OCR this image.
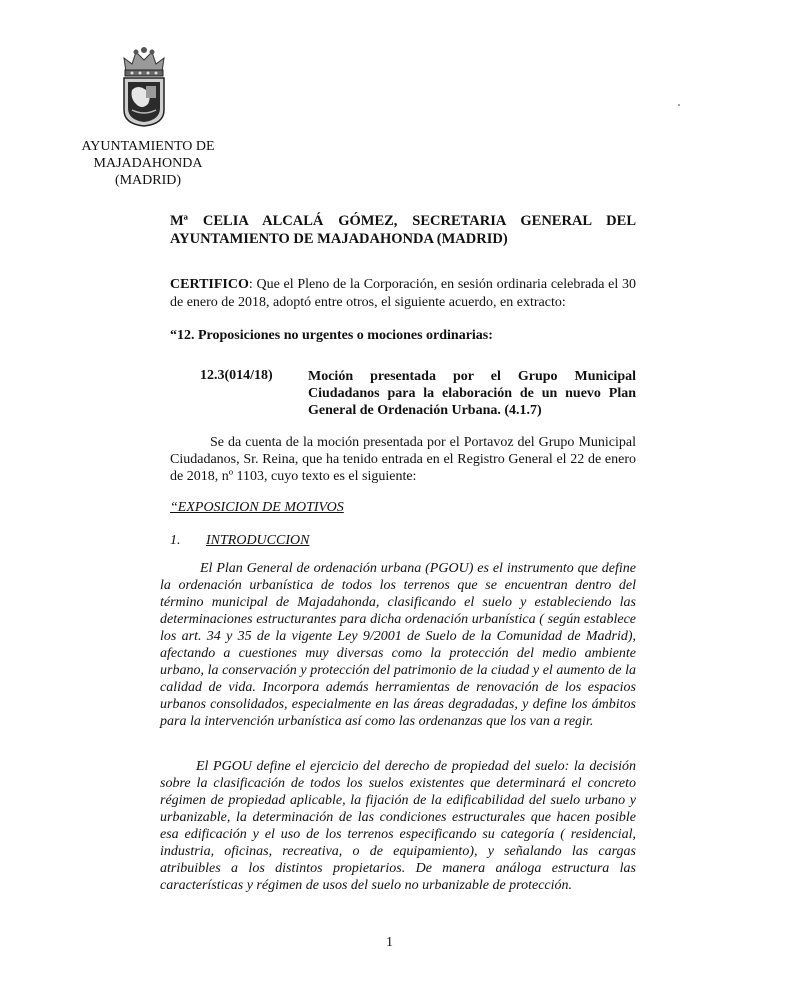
AYUNTAMIENTO DE
MAJADAHONDA
(MADRID)
Mª CELIA ALCALÁ GÓMEZ, SECRETARIA GENERAL DEL
AYUNTAMIENTO DE MAJADAHONDA (MADRID)
CERTIFICO: Que el Pleno de la Corporación, en sesión ordinaria celebrada el 30 de enero de 2018, adoptó entre otros, el siguiente acuerdo, en extracto:
“12. Proposiciones no urgentes o mociones ordinarias:
12.3(014/18)	Moción presentada por el Grupo Municipal Ciudadanos para la elaboración de un nuevo Plan General de Ordenación Urbana. (4.1.7)
Se da cuenta de la moción presentada por el Portavoz del Grupo Municipal Ciudadanos, Sr. Reina, que ha tenido entrada en el Registro General el 22 de enero de 2018, nº 1103, cuyo texto es el siguiente:
“EXPOSICION DE MOTIVOS
1. INTRODUCCION
El Plan General de ordenación urbana (PGOU) es el instrumento que define la ordenación urbanística de todos los terrenos que se encuentran dentro del término municipal de Majadahonda, clasificando el suelo y estableciendo las determinaciones estructurantes para dicha ordenación urbanística ( según establece los art. 34 y 35 de la vigente Ley 9/2001 de Suelo de la Comunidad de Madrid), afectando a cuestiones muy diversas como la protección del medio ambiente urbano, la conservación y protección del patrimonio de la ciudad y el aumento de la calidad de vida. Incorpora además herramientas de renovación de los espacios urbanos consolidados, especialmente en las áreas degradadas, y define los ámbitos para la intervención urbanística así como las ordenanzas que los van a regir.
El PGOU define el ejercicio del derecho de propiedad del suelo: la decisión sobre la clasificación de todos los suelos existentes que determinará el concreto régimen de propiedad aplicable, la fijación de la edificabilidad del suelo urbano y urbanizable, la determinación de las condiciones estructurales que hacen posible esa edificación y el uso de los terrenos especificando su categoría ( residencial, industria, oficinas, recreativa, o de equipamiento), y señalando las cargas atribuibles a los distintos propietarios. De manera análoga estructura las características y régimen de usos del suelo no urbanizable de protección.
1
